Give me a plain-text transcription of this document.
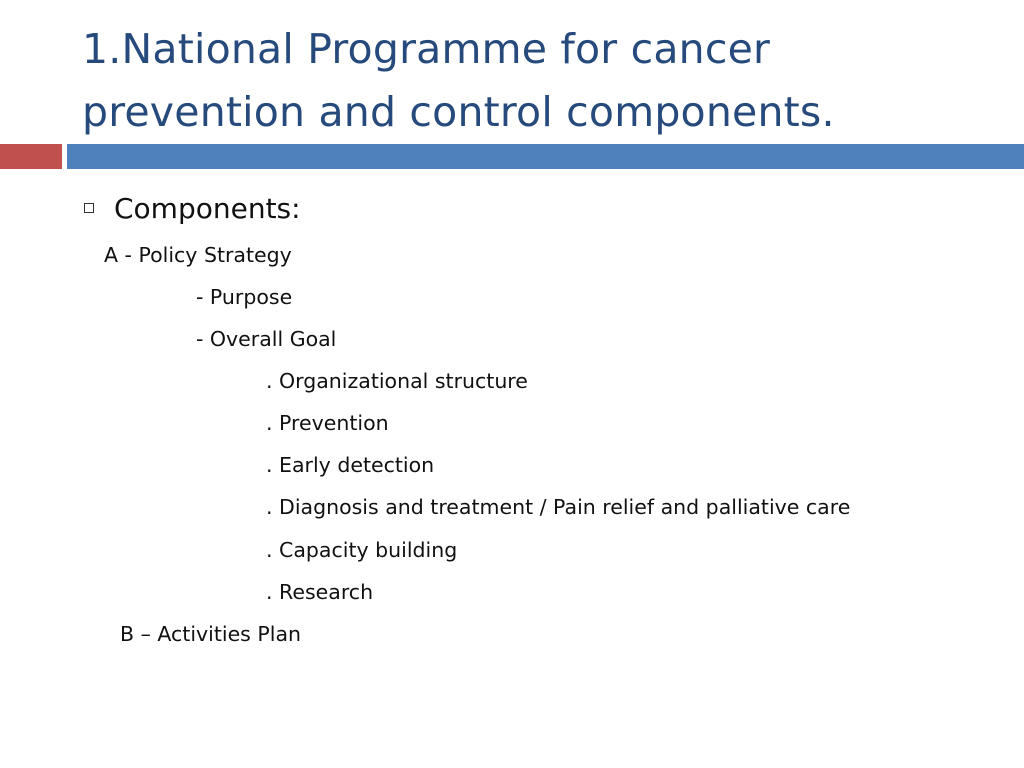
1.National Programme for cancer
prevention and control components.
Components:
A - Policy Strategy
- Purpose
- Overall Goal
. Organizational structure
. Prevention
. Early detection
. Diagnosis and treatment / Pain relief and palliative care
. Capacity building
. Research
B – Activities Plan
